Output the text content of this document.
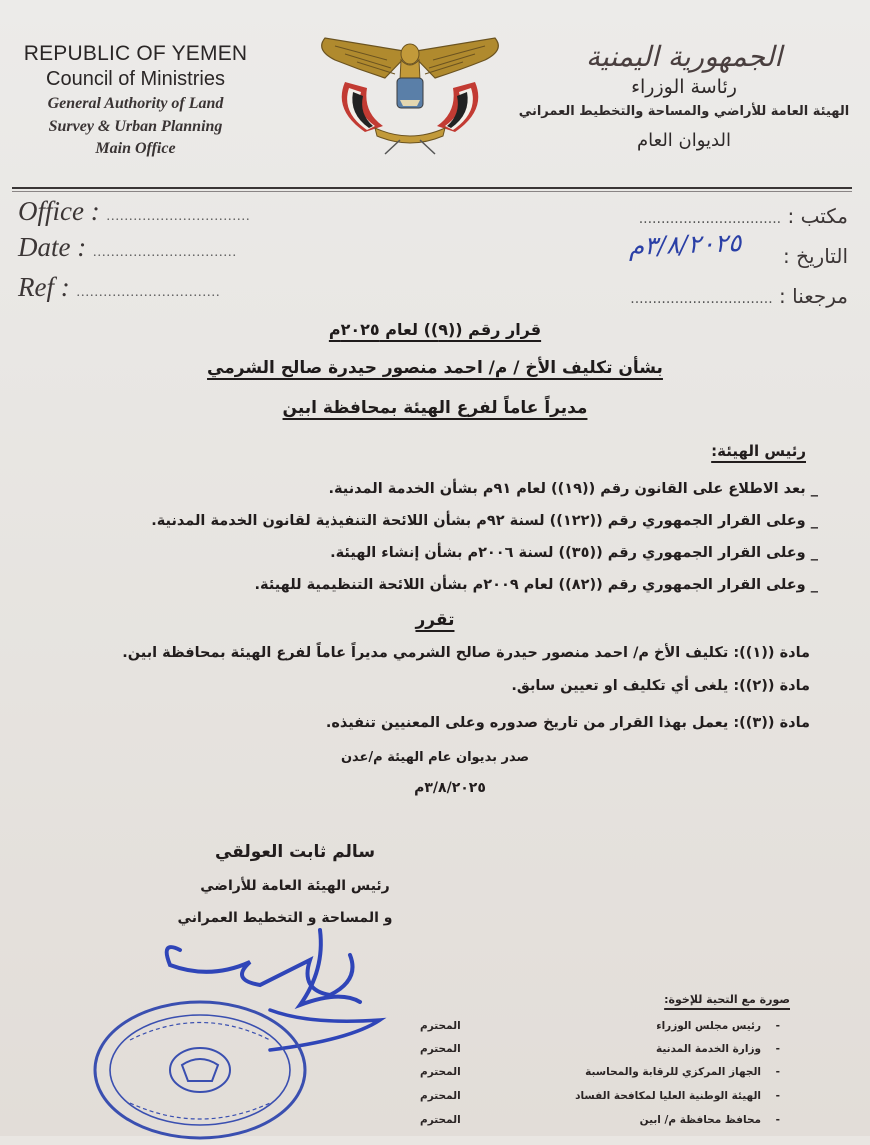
REPUBLIC OF YEMEN
Council of Ministries
General Authority of Land
Survey & Urban Planning
Main Office
الجمهورية اليمنية
رئاسة الوزراء
الهيئة العامة للأراضي والمساحة والتخطيط العمراني
الديوان العام
Office : ................................
Date : ................................
Ref : ................................
مكتب : ................................
التاريخ :
٣/٨/٢٠٢٥م
مرجعنا : ................................
قرار رقم ((٩)) لعام ٢٠٢٥م
بشأن تكليف الأخ / م/ احمد منصور حيدرة صالح الشرمي
مديراً عاماً لفرع الهيئة بمحافظة ابين
رئيس الهيئة:
_ بعد الاطلاع على القانون رقم ((١٩)) لعام ٩١م بشأن الخدمة المدنية.
_ وعلى القرار الجمهوري رقم ((١٢٢)) لسنة ٩٢م بشأن اللائحة التنفيذية لقانون الخدمة المدنية.
_ وعلى القرار الجمهوري رقم ((٣٥)) لسنة ٢٠٠٦م بشأن إنشاء الهيئة.
_ وعلى القرار الجمهوري رقم ((٨٢)) لعام ٢٠٠٩م بشأن اللائحة التنظيمية للهيئة.
تقرر
مادة ((١)): تكليف الأخ م/ احمد منصور حيدرة صالح الشرمي مديراً عاماً لفرع الهيئة بمحافظة ابين.
مادة ((٢)): يلغى أي تكليف او تعيين سابق.
مادة ((٣)): يعمل بهذا القرار من تاريخ صدوره وعلى المعنيين تنفيذه.
صدر بديوان عام الهيئة م/عدن
٣/٨/٢٠٢٥م
سالم ثابت العولقي
رئيس الهيئة العامة للأراضي
و المساحة و التخطيط العمراني
صورة مع التحية للإخوة:
-    رئيس مجلس الوزراء
المحترم
-    وزارة الخدمة المدنية
المحترم
-    الجهاز المركزي للرقابة والمحاسبة
المحترم
-    الهيئة الوطنية العليا لمكافحة الفساد
المحترم
-    محافظ محافظة م/ ابين
المحترم
